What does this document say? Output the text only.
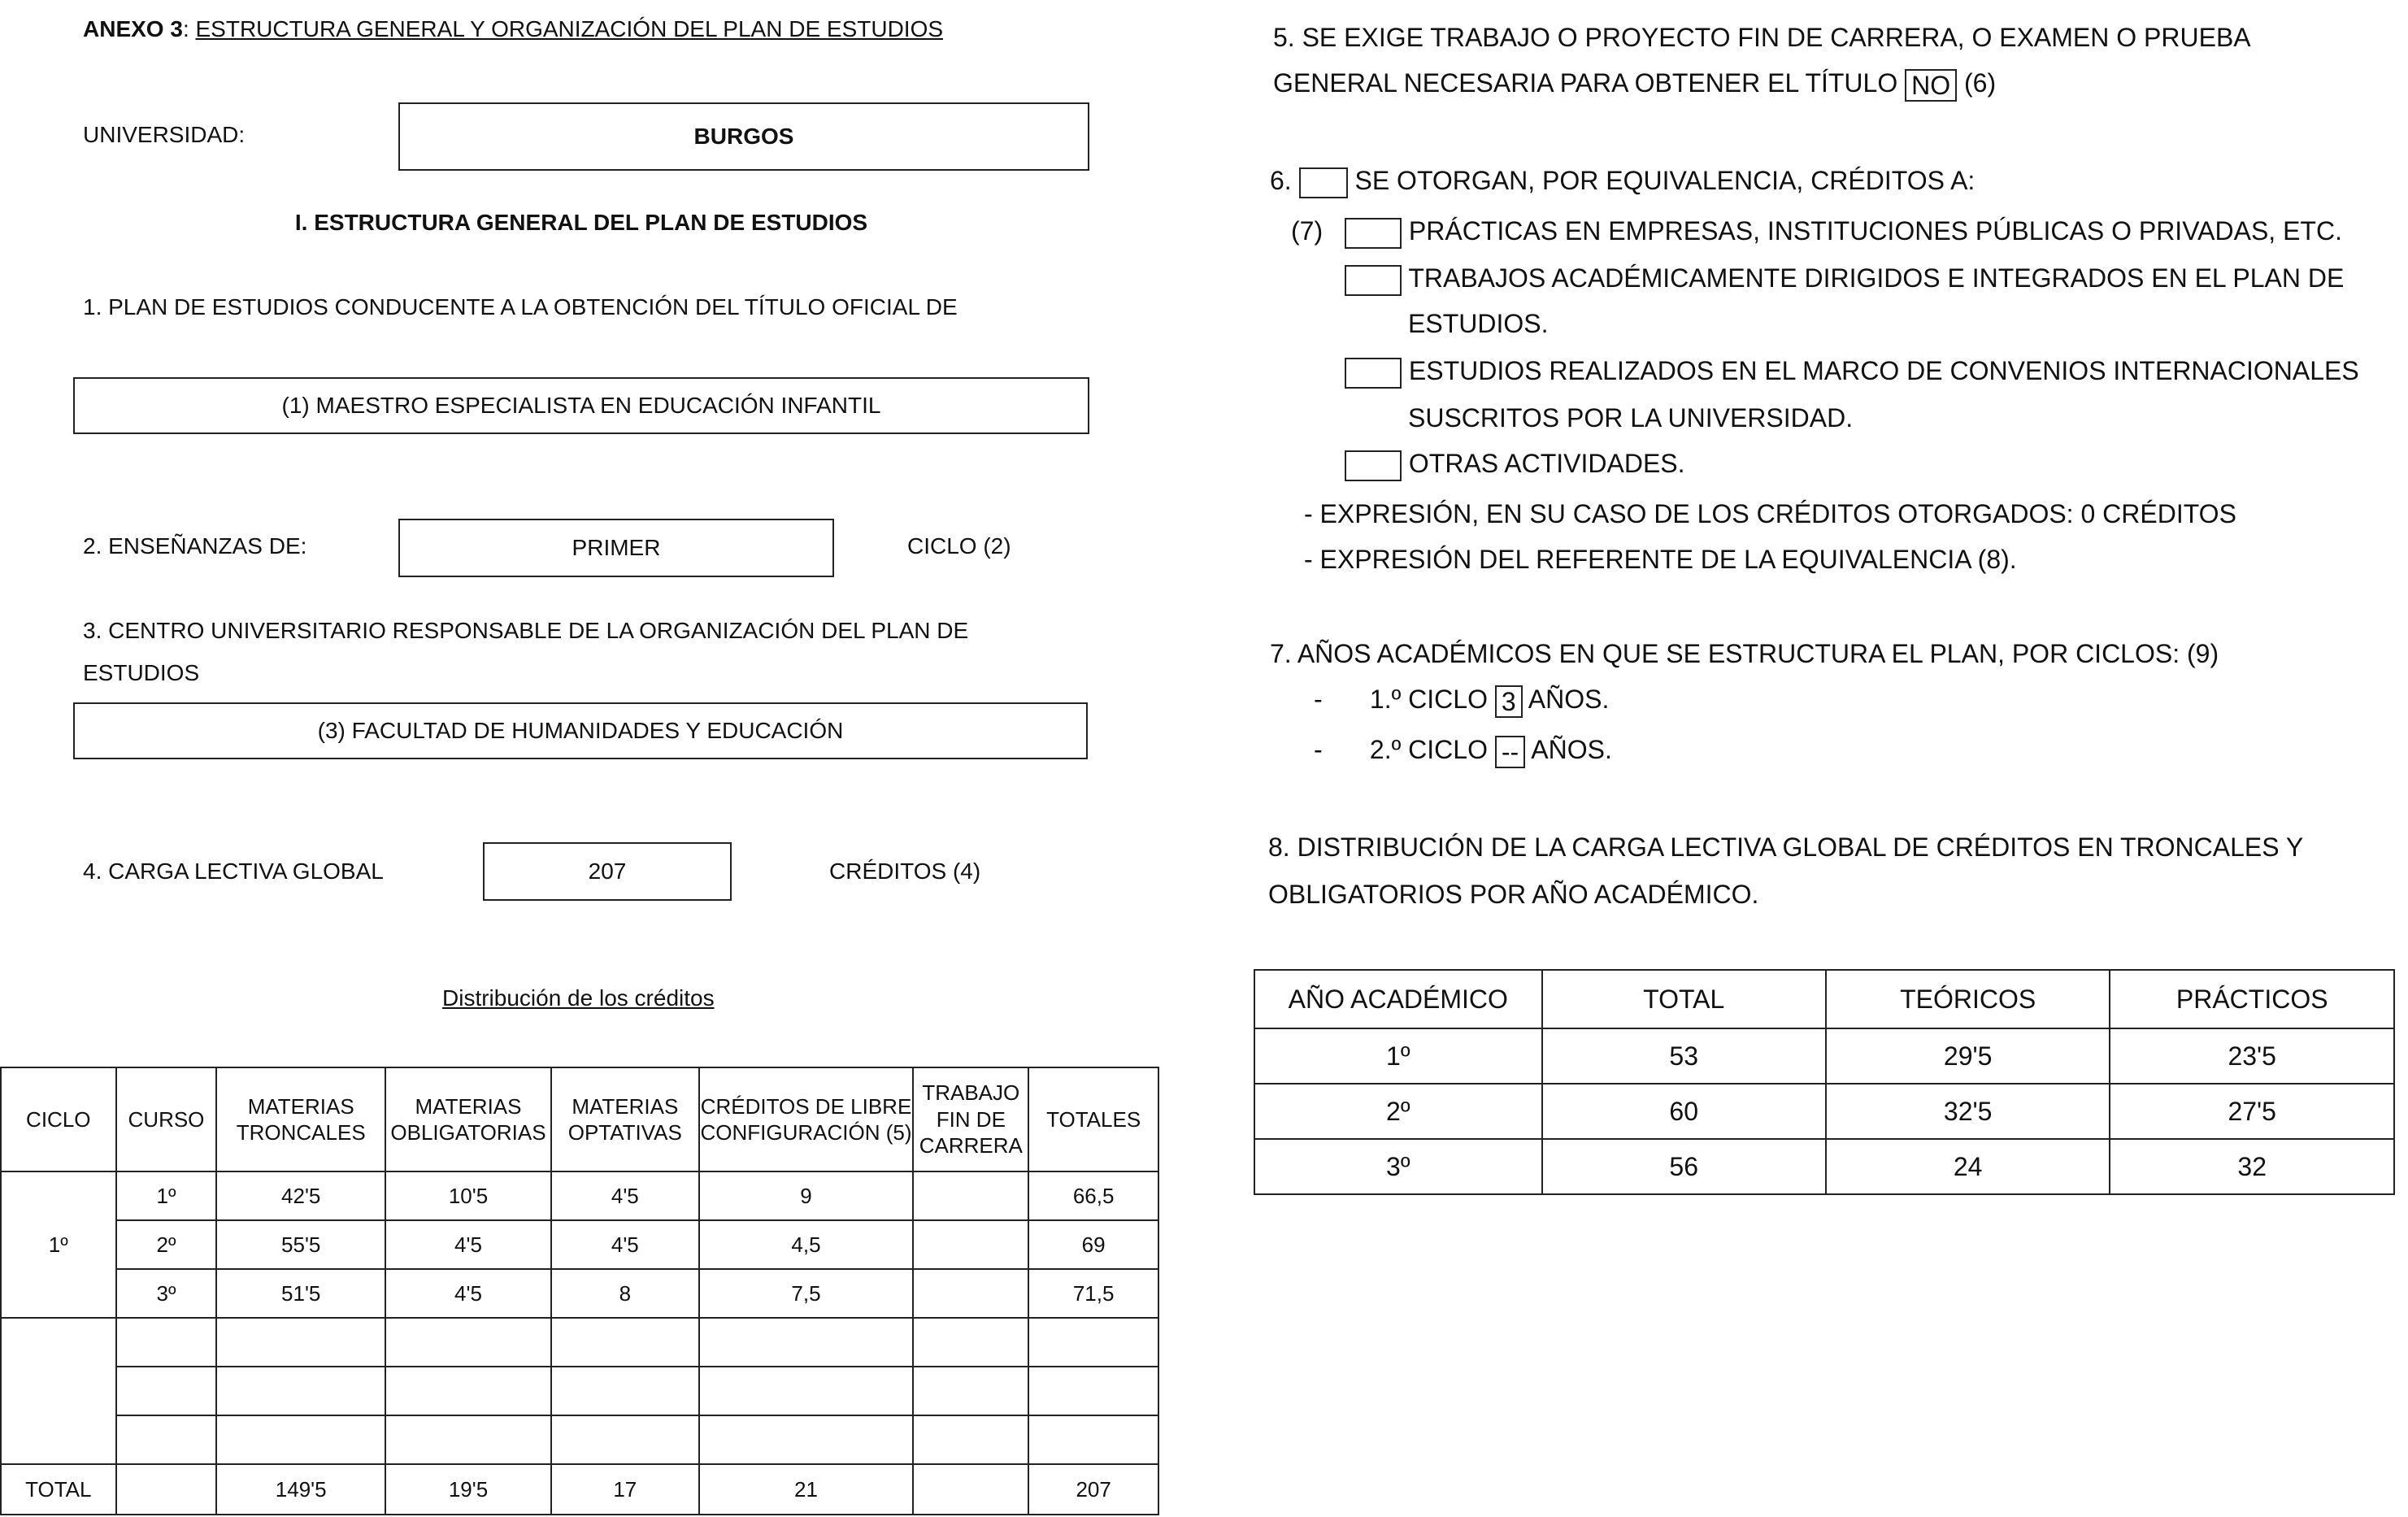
ANEXO 3: ESTRUCTURA GENERAL Y ORGANIZACIÓN DEL PLAN DE ESTUDIOS
UNIVERSIDAD:	BURGOS
I. ESTRUCTURA GENERAL DEL PLAN DE ESTUDIOS
1. PLAN DE ESTUDIOS CONDUCENTE A LA OBTENCIÓN DEL TÍTULO OFICIAL DE
(1) MAESTRO ESPECIALISTA EN EDUCACIÓN INFANTIL
2. ENSEÑANZAS DE:	PRIMER	CICLO (2)
3. CENTRO UNIVERSITARIO RESPONSABLE DE LA ORGANIZACIÓN DEL PLAN DE
ESTUDIOS
(3) FACULTAD DE HUMANIDADES Y EDUCACIÓN
4. CARGA LECTIVA GLOBAL	207	CRÉDITOS (4)
Distribución de los créditos
CICLO	CURSO	MATERIAS TRONCALES	MATERIAS OBLIGATORIAS	MATERIAS OPTATIVAS	CRÉDITOS DE LIBRE CONFIGURACIÓN (5)	TRABAJO FIN DE CARRERA	TOTALES
1º	1º	42'5	10'5	4'5	9		66,5
	2º	55'5	4'5	4'5	4,5		69
	3º	51'5	4'5	8	7,5		71,5

TOTAL		149'5	19'5	17	21		207
5. SE EXIGE TRABAJO O PROYECTO FIN DE CARRERA, O EXAMEN O PRUEBA
GENERAL NECESARIA PARA OBTENER EL TÍTULO NO (6)
6. SE OTORGAN, POR EQUIVALENCIA, CRÉDITOS A:
(7)	PRÁCTICAS EN EMPRESAS, INSTITUCIONES PÚBLICAS O PRIVADAS, ETC.
TRABAJOS ACADÉMICAMENTE DIRIGIDOS E INTEGRADOS EN EL PLAN DE
ESTUDIOS.
ESTUDIOS REALIZADOS EN EL MARCO DE CONVENIOS INTERNACIONALES
SUSCRITOS POR LA UNIVERSIDAD.
OTRAS ACTIVIDADES.
- EXPRESIÓN, EN SU CASO DE LOS CRÉDITOS OTORGADOS: 0 CRÉDITOS
- EXPRESIÓN DEL REFERENTE DE LA EQUIVALENCIA (8).
7. AÑOS ACADÉMICOS EN QUE SE ESTRUCTURA EL PLAN, POR CICLOS: (9)
- 1.º CICLO 3 AÑOS.
- 2.º CICLO -- AÑOS.
8. DISTRIBUCIÓN DE LA CARGA LECTIVA GLOBAL DE CRÉDITOS EN TRONCALES Y
OBLIGATORIOS POR AÑO ACADÉMICO.
AÑO ACADÉMICO	TOTAL	TEÓRICOS	PRÁCTICOS
1º	53	29'5	23'5
2º	60	32'5	27'5
3º	56	24	32
